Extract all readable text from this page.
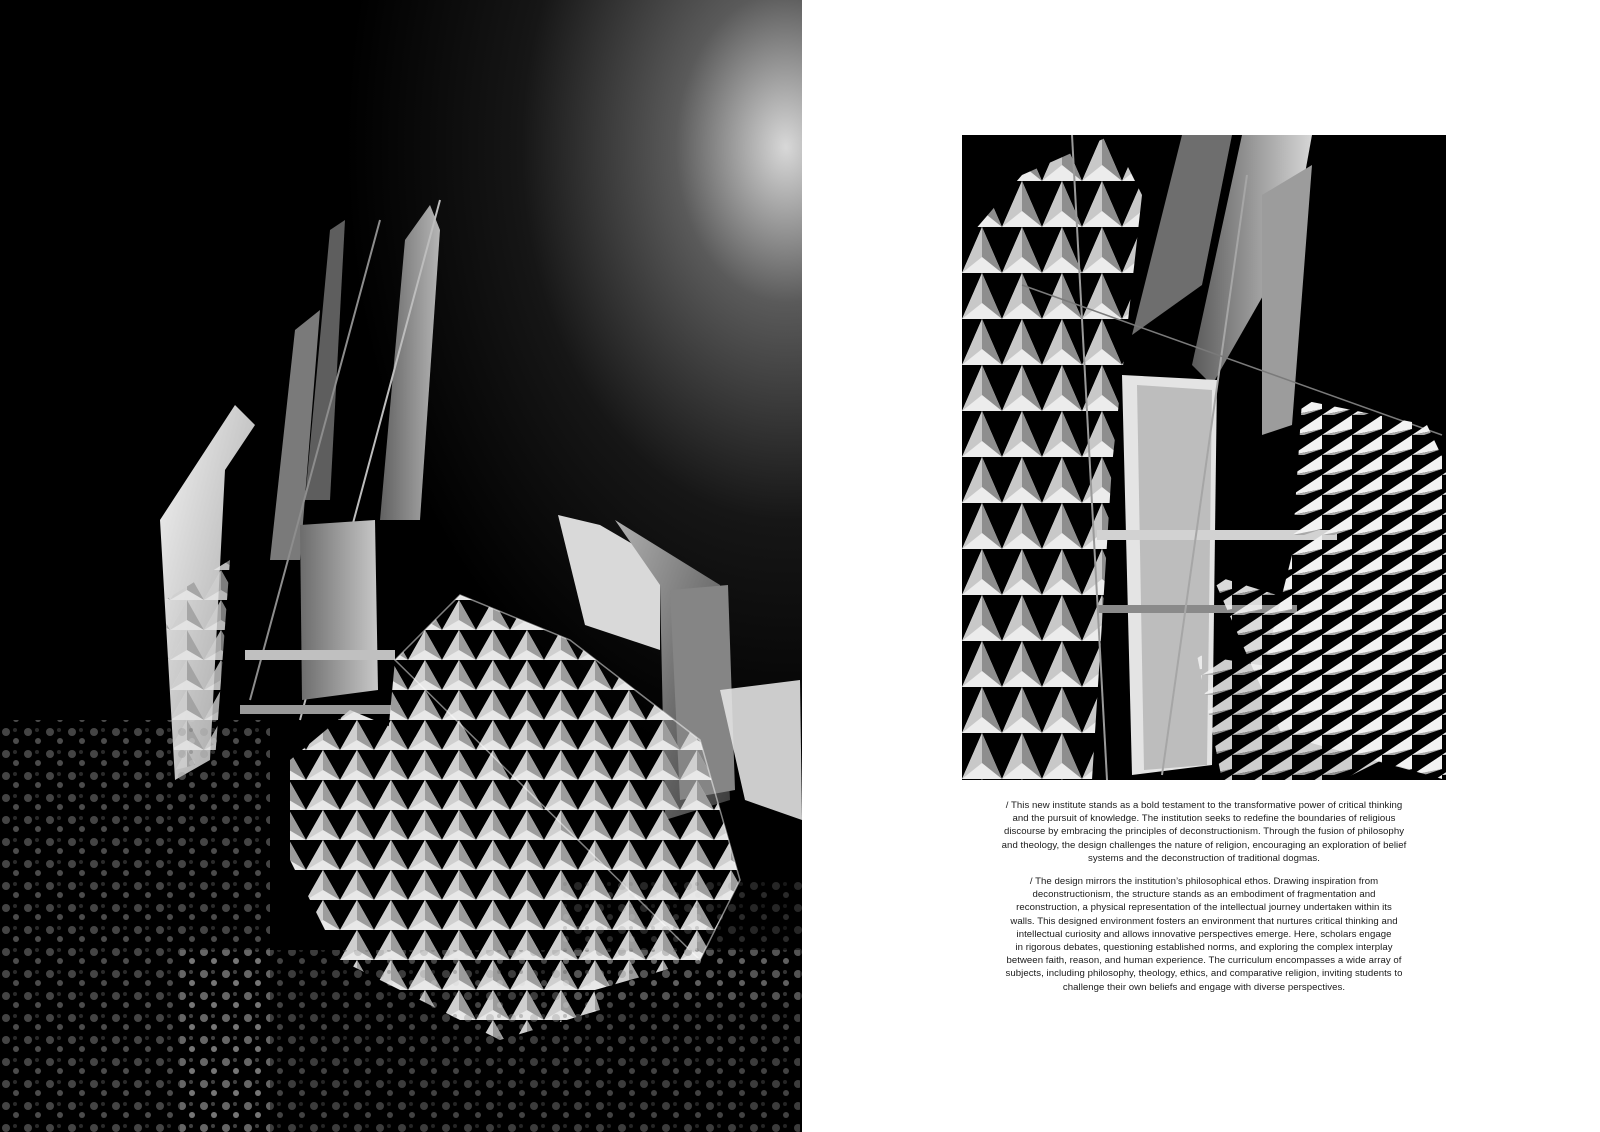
/ This new institute stands as a bold testament to the transformative power of critical thinking
and the pursuit of knowledge. The institution seeks to redefine the boundaries of religious
discourse by embracing the principles of deconstructionism. Through the fusion of philosophy
and theology, the design challenges the nature of religion, encouraging an exploration of belief
systems and the deconstruction of traditional dogmas.

/ The design mirrors the institution’s philosophical ethos. Drawing inspiration from
deconstructionism, the structure stands as an embodiment of fragmentation and
reconstruction, a physical representation of the intellectual journey undertaken within its
walls. This designed environment fosters an environment that nurtures critical thinking and
intellectual curiosity and allows innovative perspectives emerge. Here, scholars engage
in rigorous debates, questioning established norms, and exploring the complex interplay
between faith, reason, and human experience. The curriculum encompasses a wide array of
subjects, including philosophy, theology, ethics, and comparative religion, inviting students to
challenge their own beliefs and engage with diverse perspectives.
